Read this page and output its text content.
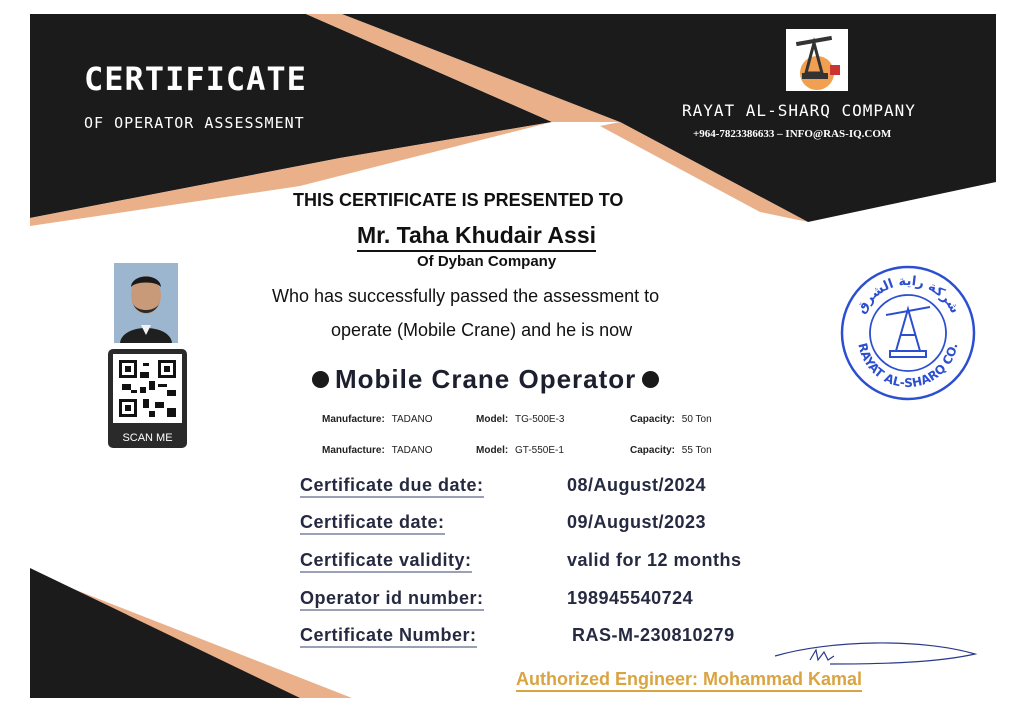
CERTIFICATE
OF OPERATOR ASSESSMENT
RAYAT AL-SHARQ COMPANY
+964-7823386633 – INFO@RAS-IQ.COM
THIS CERTIFICATE IS PRESENTED TO
Mr. Taha Khudair Assi
Of Dyban Company
Who has successfully passed the assessment to
operate (Mobile Crane) and he is now
Mobile Crane Operator
Manufacture: TADANO	Model: TG-500E-3	Capacity: 50 Ton
Manufacture: TADANO	Model: GT-550E-1	Capacity: 55 Ton
Certificate due date:	08/August/2024
Certificate date:	09/August/2023
Certificate validity:	valid for 12 months
Operator id number:	198945540724
Certificate Number:	RAS-M-230810279
Authorized Engineer: Mohammad Kamal
SCAN ME
شركة راية الشرق
RAYAT AL-SHARQ CO.
